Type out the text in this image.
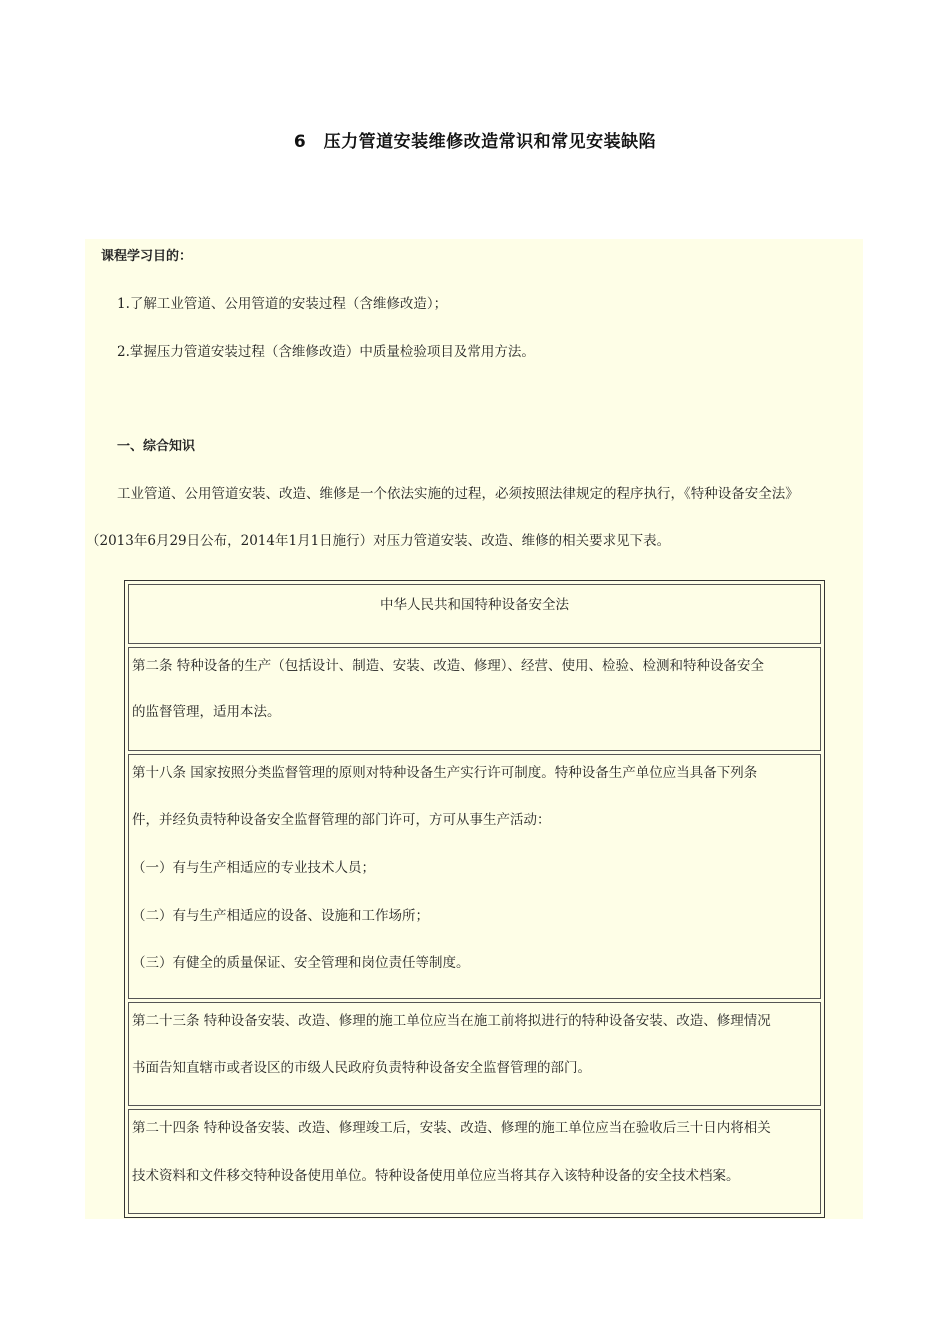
6　压力管道安装维修改造常识和常见安装缺陷
课程学习目的：
1.了解工业管道、公用管道的安装过程（含维修改造）；
2.掌握压力管道安装过程（含维修改造）中质量检验项目及常用方法。
一、综合知识
工业管道、公用管道安装、改造、维修是一个依法实施的过程，必须按照法律规定的程序执行，《特种设备安全法》
（2013年6月29日公布，2014年1月1日施行）对压力管道安装、改造、维修的相关要求见下表。
中华人民共和国特种设备安全法
第二条 特种设备的生产（包括设计、制造、安装、改造、修理）、经营、使用、检验、检测和特种设备安全
的监督管理，适用本法。
第十八条 国家按照分类监督管理的原则对特种设备生产实行许可制度。特种设备生产单位应当具备下列条
件，并经负责特种设备安全监督管理的部门许可，方可从事生产活动：
（一）有与生产相适应的专业技术人员；
（二）有与生产相适应的设备、设施和工作场所；
（三）有健全的质量保证、安全管理和岗位责任等制度。
第二十三条 特种设备安装、改造、修理的施工单位应当在施工前将拟进行的特种设备安装、改造、修理情况
书面告知直辖市或者设区的市级人民政府负责特种设备安全监督管理的部门。
第二十四条 特种设备安装、改造、修理竣工后，安装、改造、修理的施工单位应当在验收后三十日内将相关
技术资料和文件移交特种设备使用单位。特种设备使用单位应当将其存入该特种设备的安全技术档案。
